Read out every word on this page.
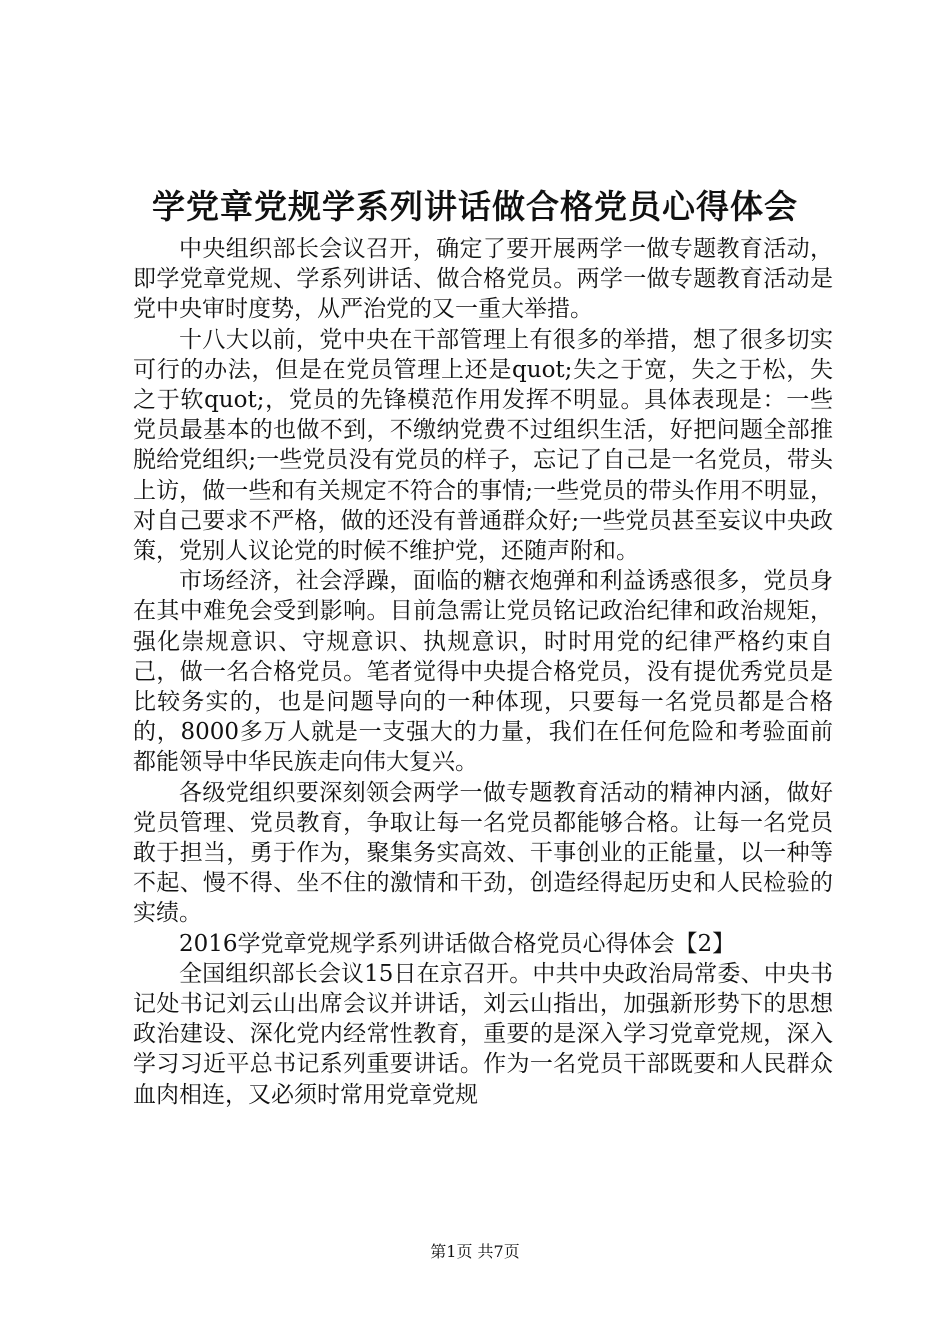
学党章党规学系列讲话做合格党员心得体会

中央组织部长会议召开，确定了要开展两学一做专题教育活动，即学党章党规、学系列讲话、做合格党员。两学一做专题教育活动是党中央审时度势，从严治党的又一重大举措。

十八大以前，党中央在干部管理上有很多的举措，想了很多切实可行的办法，但是在党员管理上还是quot;失之于宽，失之于松，失之于软quot;，党员的先锋模范作用发挥不明显。具体表现是：一些党员最基本的也做不到，不缴纳党费不过组织生活，好把问题全部推脱给党组织;一些党员没有党员的样子，忘记了自己是一名党员，带头上访，做一些和有关规定不符合的事情;一些党员的带头作用不明显，对自己要求不严格，做的还没有普通群众好;一些党员甚至妄议中央政策，党别人议论党的时候不维护党，还随声附和。

市场经济，社会浮躁，面临的糖衣炮弹和利益诱惑很多，党员身在其中难免会受到影响。目前急需让党员铭记政治纪律和政治规矩，强化崇规意识、守规意识、执规意识，时时用党的纪律严格约束自己，做一名合格党员。笔者觉得中央提合格党员，没有提优秀党员是比较务实的，也是问题导向的一种体现，只要每一名党员都是合格的，8000多万人就是一支强大的力量，我们在任何危险和考验面前都能领导中华民族走向伟大复兴。

各级党组织要深刻领会两学一做专题教育活动的精神内涵，做好党员管理、党员教育，争取让每一名党员都能够合格。让每一名党员敢于担当，勇于作为，聚集务实高效、干事创业的正能量，以一种等不起、慢不得、坐不住的激情和干劲，创造经得起历史和人民检验的实绩。

2016学党章党规学系列讲话做合格党员心得体会【2】

全国组织部长会议15日在京召开。中共中央政治局常委、中央书记处书记刘云山出席会议并讲话，刘云山指出，加强新形势下的思想政治建设、深化党内经常性教育，重要的是深入学习党章党规，深入学习习近平总书记系列重要讲话。作为一名党员干部既要和人民群众血肉相连，又必须时常用党章党规

第1页 共7页
